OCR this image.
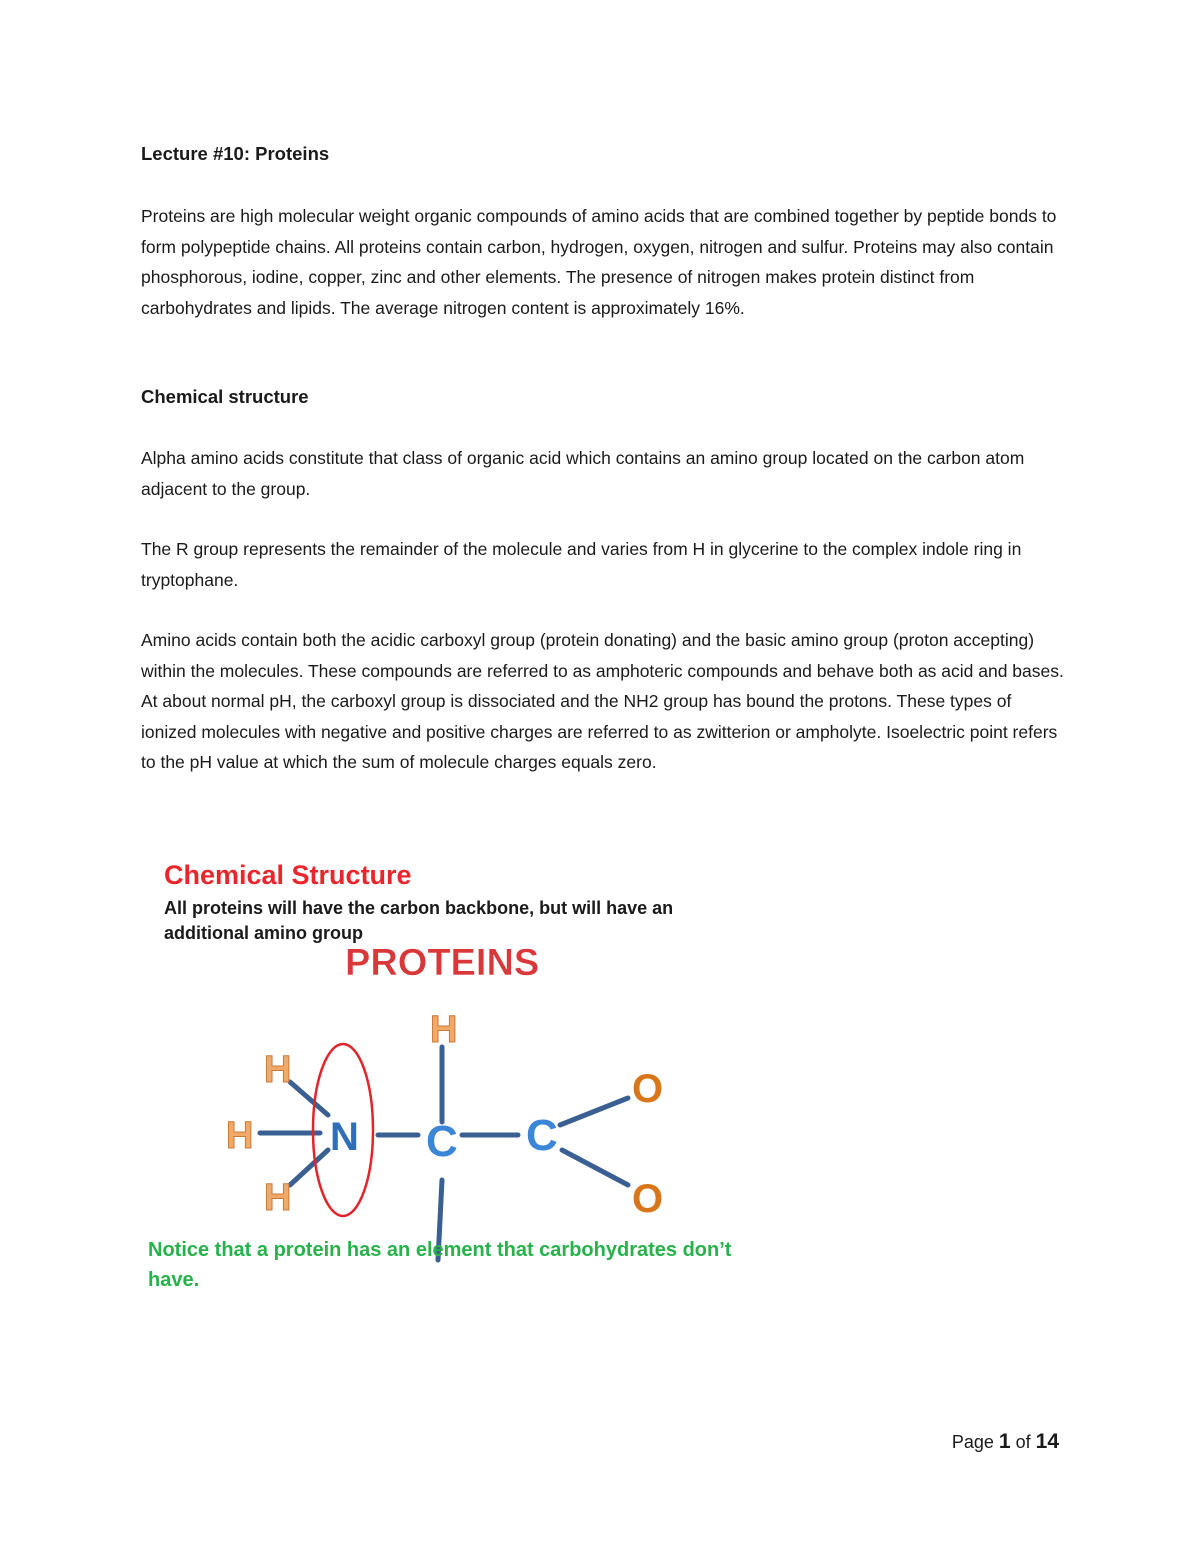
Lecture #10: Proteins

Proteins are high molecular weight organic compounds of amino acids that are combined together by peptide bonds to form polypeptide chains. All proteins contain carbon, hydrogen, oxygen, nitrogen and sulfur. Proteins may also contain phosphorous, iodine, copper, zinc and other elements. The presence of nitrogen makes protein distinct from carbohydrates and lipids. The average nitrogen content is approximately 16%.

Chemical structure

Alpha amino acids constitute that class of organic acid which contains an amino group located on the carbon atom adjacent to the group.

The R group represents the remainder of the molecule and varies from H in glycerine to the complex indole ring in tryptophane.

Amino acids contain both the acidic carboxyl group (protein donating) and the basic amino group (proton accepting) within the molecules. These compounds are referred to as amphoteric compounds and behave both as acid and bases. At about normal pH, the carboxyl group is dissociated and the NH2 group has bound the protons. These types of ionized molecules with negative and positive charges are referred to as zwitterion or ampholyte. Isoelectric point refers to the pH value at which the sum of molecule charges equals zero.

Chemical Structure
All proteins will have the carbon backbone, but will have an additional amino group
PROTEINS
H
H
H
H
N C C
O
O
Notice that a protein has an element that carbohydrates don’t have.
Page 1 of 14
